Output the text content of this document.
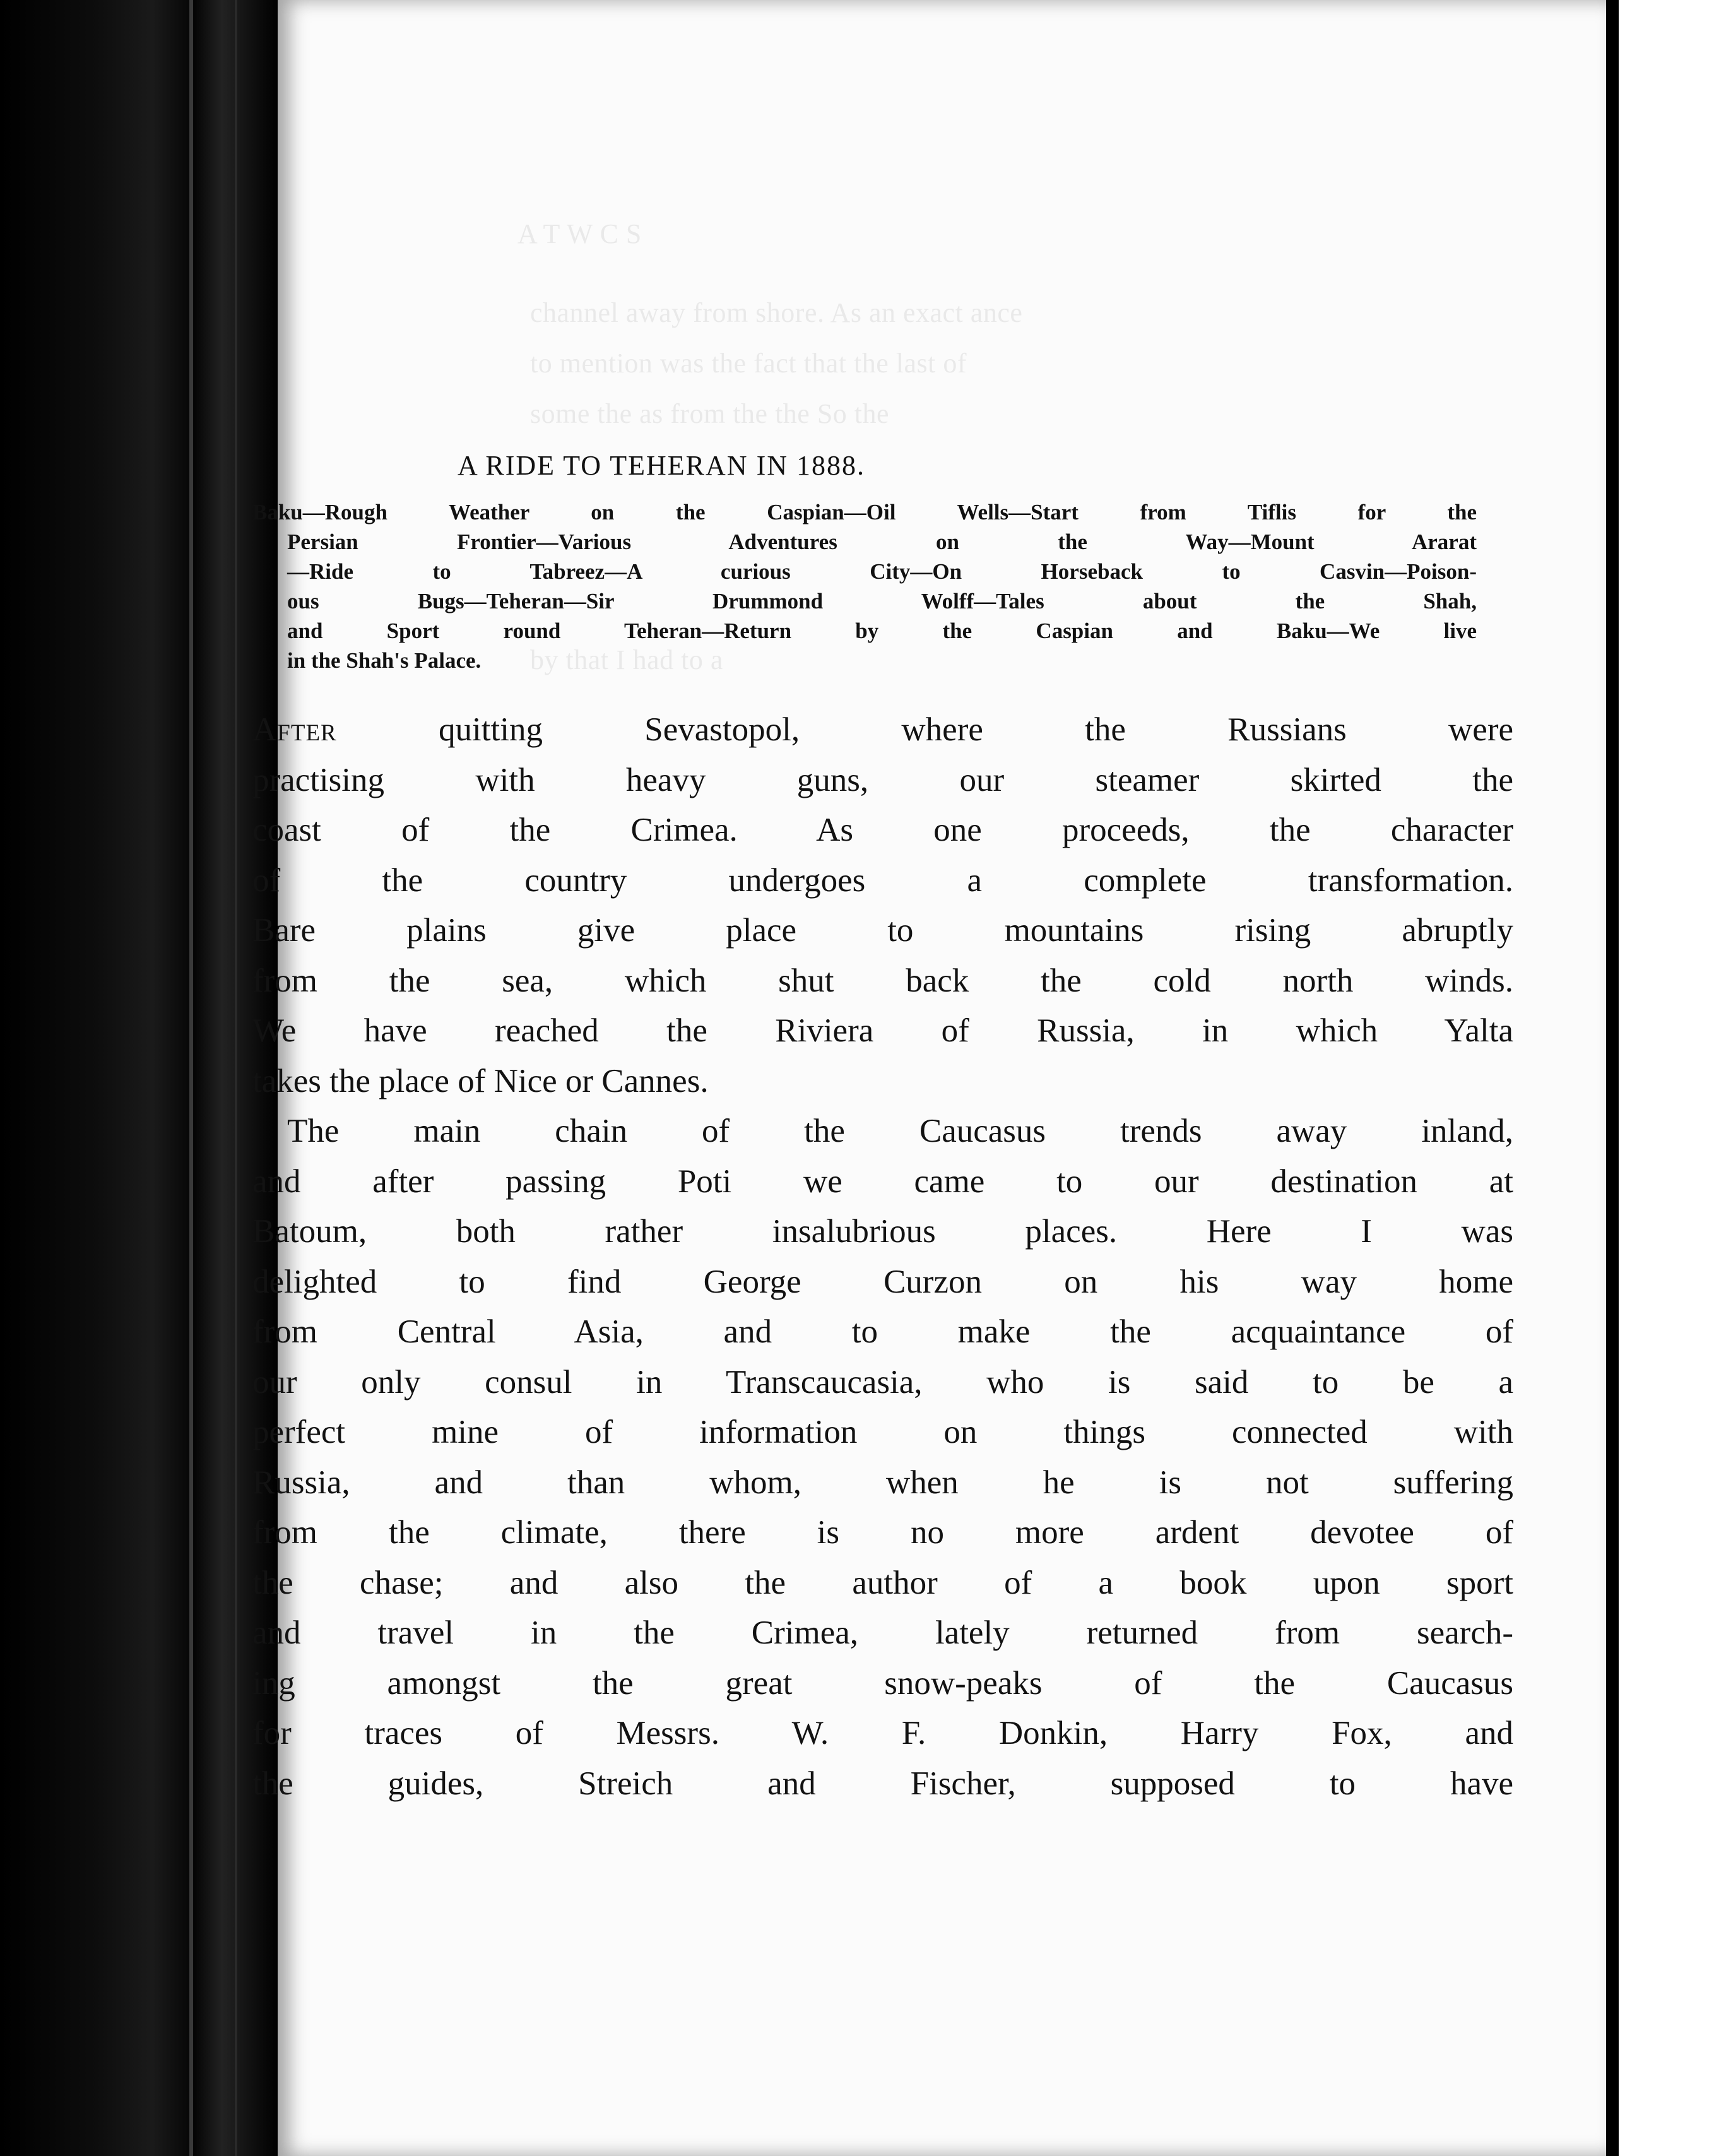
A T W C S
channel away from shore. As an exact ance
to mention was the fact that the last of
some the as from the the So the
by that I had to a
A RIDE TO TEHERAN IN 1888.
Baku—Rough Weather on the Caspian—Oil Wells—Start from Tiflis for the
Persian Frontier—Various Adventures on the Way—Mount Ararat
—Ride to Tabreez—A curious City—On Horseback to Casvin—Poison-
ous Bugs—Teheran—Sir Drummond Wolff—Tales about the Shah,
and Sport round Teheran—Return by the Caspian and Baku—We live
in the Shah's Palace.
After quitting Sevastopol, where the Russians were
practising with heavy guns, our steamer skirted the
coast of the Crimea. As one proceeds, the character
of the country undergoes a complete transformation.
Bare plains give place to mountains rising abruptly
from the sea, which shut back the cold north winds.
We have reached the Riviera of Russia, in which Yalta
takes the place of Nice or Cannes.
The main chain of the Caucasus trends away inland,
and after passing Poti we came to our destination at
Batoum, both rather insalubrious places. Here I was
delighted to find George Curzon on his way home
from Central Asia, and to make the acquaintance of
our only consul in Transcaucasia, who is said to be a
perfect mine of information on things connected with
Russia, and than whom, when he is not suffering
from the climate, there is no more ardent devotee of
the chase; and also the author of a book upon sport
and travel in the Crimea, lately returned from search-
ing amongst the great snow-peaks of the Caucasus
for traces of Messrs. W. F. Donkin, Harry Fox, and
the guides, Streich and Fischer, supposed to have
